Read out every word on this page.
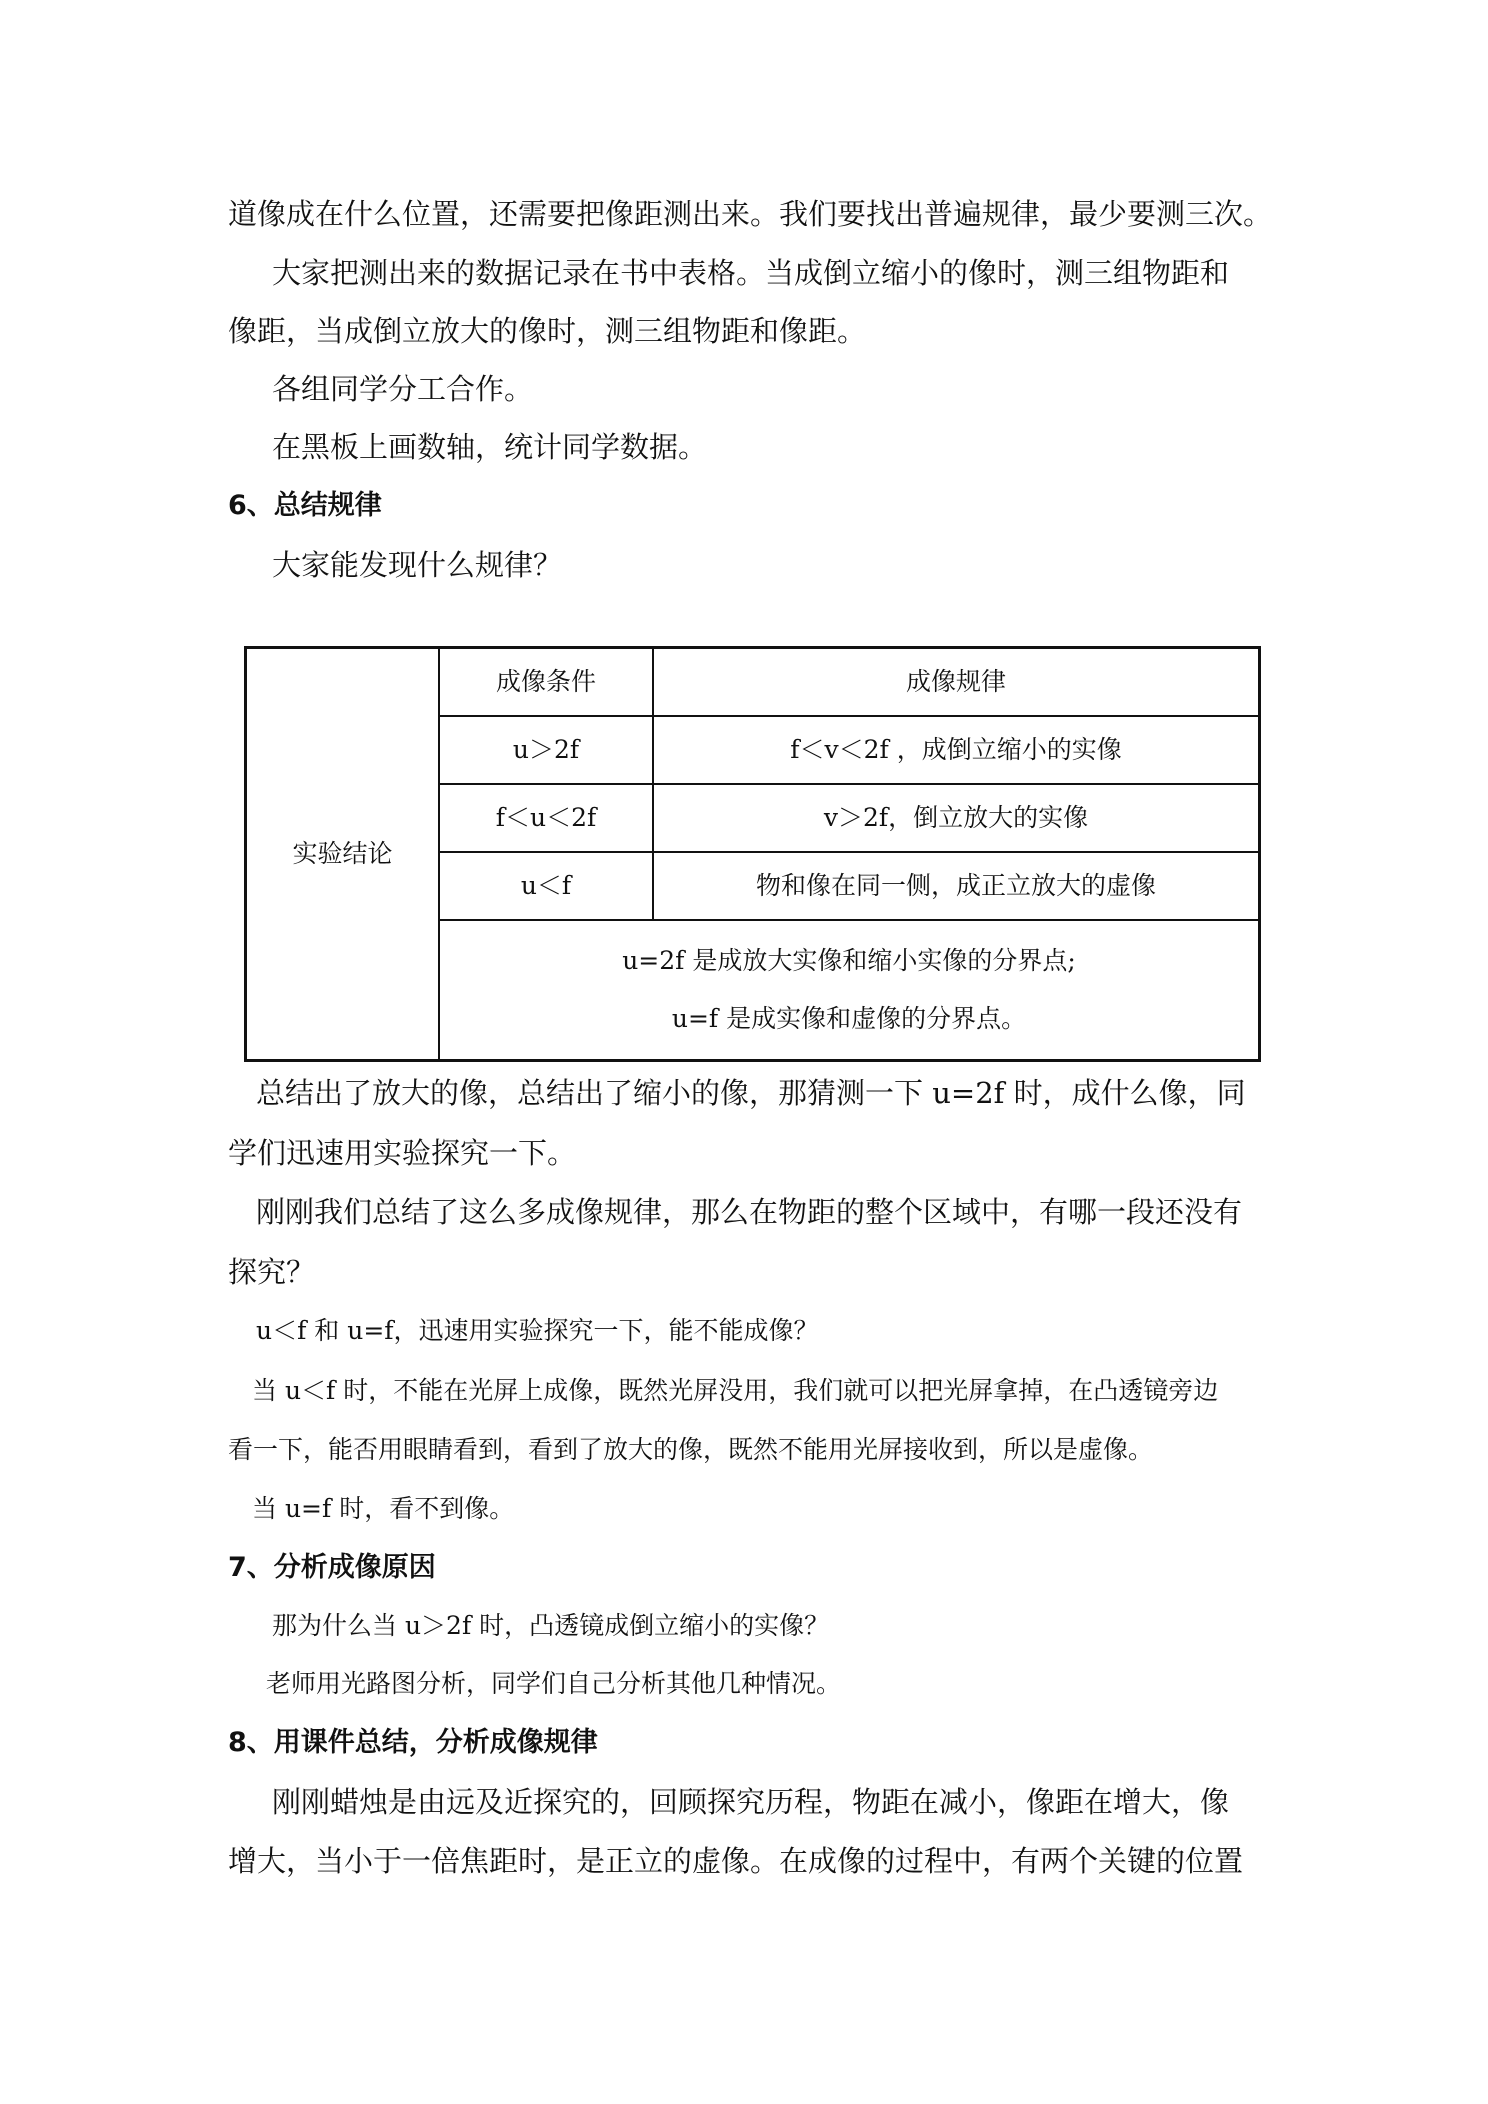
道像成在什么位置，还需要把像距测出来。我们要找出普遍规律，最少要测三次。
大家把测出来的数据记录在书中表格。当成倒立缩小的像时，测三组物距和
像距，当成倒立放大的像时，测三组物距和像距。
各组同学分工合作。
在黑板上画数轴，统计同学数据。
6、总结规律
大家能发现什么规律？
实验结论
成像条件	成像规律
u＞2f	f＜v＜2f ，成倒立缩小的实像
f＜u＜2f	v＞2f，倒立放大的实像
u＜f	物和像在同一侧，成正立放大的虚像
u=2f 是成放大实像和缩小实像的分界点;
u=f 是成实像和虚像的分界点。
总结出了放大的像，总结出了缩小的像，那猜测一下 u=2f 时，成什么像，同
学们迅速用实验探究一下。
刚刚我们总结了这么多成像规律，那么在物距的整个区域中，有哪一段还没有
探究？
u＜f 和 u=f，迅速用实验探究一下，能不能成像？
当 u＜f 时，不能在光屏上成像，既然光屏没用，我们就可以把光屏拿掉，在凸透镜旁边
看一下，能否用眼睛看到，看到了放大的像，既然不能用光屏接收到，所以是虚像。
当 u=f 时，看不到像。
7、分析成像原因
那为什么当 u＞2f 时，凸透镜成倒立缩小的实像？
老师用光路图分析，同学们自己分析其他几种情况。
8、用课件总结，分析成像规律
刚刚蜡烛是由远及近探究的，回顾探究历程，物距在减小，像距在增大，像
增大，当小于一倍焦距时，是正立的虚像。在成像的过程中，有两个关键的位置
